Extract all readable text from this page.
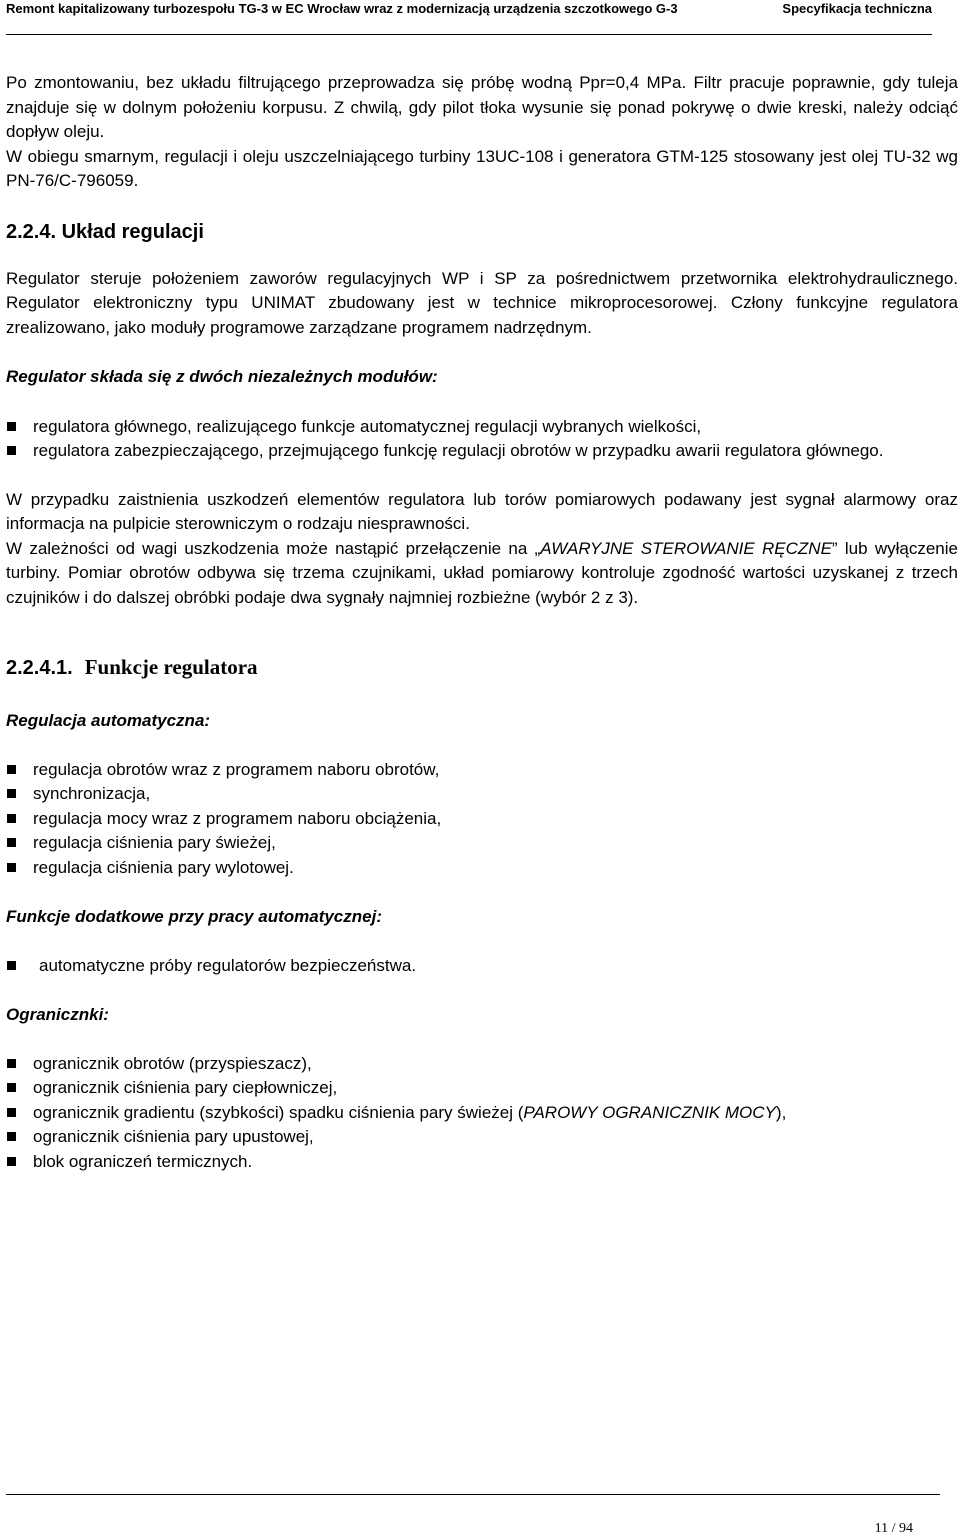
Remont kapitalizowany turbozespołu TG-3 w EC Wrocław wraz z modernizacją urządzenia szczotkowego G-3	Specyfikacja techniczna

Po zmontowaniu, bez układu filtrującego przeprowadza się próbę wodną Ppr=0,4 MPa. Filtr pracuje poprawnie, gdy tuleja znajduje się w dolnym położeniu korpusu. Z chwilą, gdy pilot tłoka wysunie się ponad pokrywę o dwie kreski, należy odciąć dopływ oleju.

W obiegu smarnym, regulacji i oleju uszczelniającego turbiny 13UC-108 i generatora GTM-125 stosowany jest olej TU-32 wg PN-76/C-796059.

2.2.4. Układ regulacji

Regulator steruje położeniem zaworów regulacyjnych WP i SP za pośrednictwem przetwornika elektrohydraulicznego. Regulator elektroniczny typu UNIMAT zbudowany jest w technice mikroprocesorowej. Człony funkcyjne regulatora zrealizowano, jako moduły programowe zarządzane programem nadrzędnym.

Regulator składa się z dwóch niezależnych modułów:

regulatora głównego, realizującego funkcje automatycznej regulacji wybranych wielkości,
regulatora zabezpieczającego, przejmującego funkcję regulacji obrotów w przypadku awarii regulatora głównego.

W przypadku zaistnienia uszkodzeń elementów regulatora lub torów pomiarowych podawany jest sygnał alarmowy oraz informacja na pulpicie sterowniczym o rodzaju niesprawności.

W zależności od wagi uszkodzenia może nastąpić przełączenie na „AWARYJNE STEROWANIE RĘCZNE” lub wyłączenie turbiny. Pomiar obrotów odbywa się trzema czujnikami, układ pomiarowy kontroluje zgodność wartości uzyskanej z trzech czujników i do dalszej obróbki podaje dwa sygnały najmniej rozbieżne (wybór 2 z 3).

2.2.4.1. Funkcje regulatora

Regulacja automatyczna:

regulacja obrotów wraz z programem naboru obrotów,
synchronizacja,
regulacja mocy wraz z programem naboru obciążenia,
regulacja ciśnienia pary świeżej,
regulacja ciśnienia pary wylotowej.

Funkcje dodatkowe przy pracy automatycznej:

automatyczne próby regulatorów bezpieczeństwa.

Ogranicznki:

ogranicznik obrotów (przyspieszacz),
ogranicznik ciśnienia pary ciepłowniczej,
ogranicznik gradientu (szybkości) spadku ciśnienia pary świeżej (PAROWY OGRANICZNIK MOCY),
ogranicznik ciśnienia pary upustowej,
blok ograniczeń termicznych.
11 / 94
